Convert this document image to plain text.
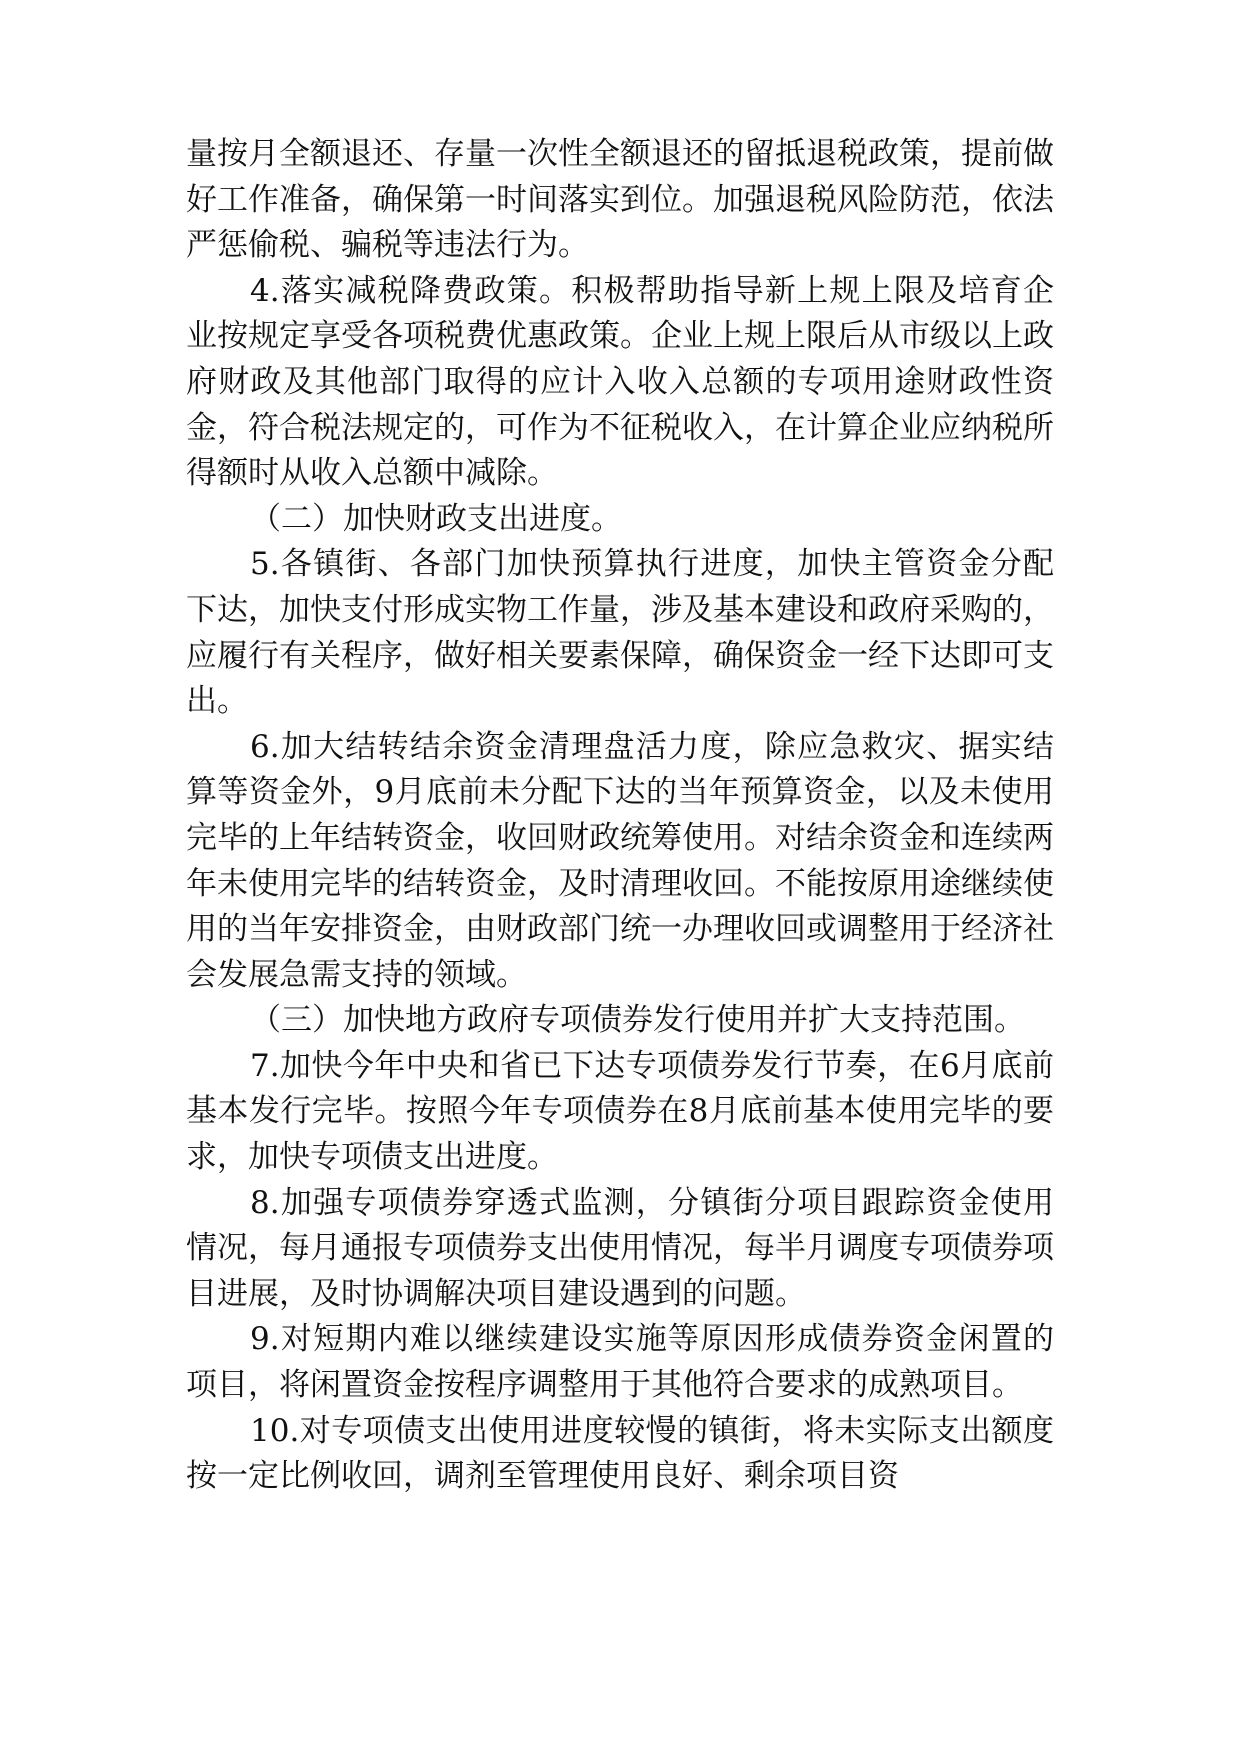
量按月全额退还、存量一次性全额退还的留抵退税政策，提前做好工作准备，确保第一时间落实到位。加强退税风险防范，依法严惩偷税、骗税等违法行为。

4.落实减税降费政策。积极帮助指导新上规上限及培育企业按规定享受各项税费优惠政策。企业上规上限后从市级以上政府财政及其他部门取得的应计入收入总额的专项用途财政性资金，符合税法规定的，可作为不征税收入，在计算企业应纳税所得额时从收入总额中减除。

（二）加快财政支出进度。

5.各镇街、各部门加快预算执行进度，加快主管资金分配下达，加快支付形成实物工作量，涉及基本建设和政府采购的，应履行有关程序，做好相关要素保障，确保资金一经下达即可支出。

6.加大结转结余资金清理盘活力度，除应急救灾、据实结算等资金外，9月底前未分配下达的当年预算资金，以及未使用完毕的上年结转资金，收回财政统筹使用。对结余资金和连续两年未使用完毕的结转资金，及时清理收回。不能按原用途继续使用的当年安排资金，由财政部门统一办理收回或调整用于经济社会发展急需支持的领域。

（三）加快地方政府专项债券发行使用并扩大支持范围。

7.加快今年中央和省已下达专项债券发行节奏，在6月底前基本发行完毕。按照今年专项债券在8月底前基本使用完毕的要求，加快专项债支出进度。

8.加强专项债券穿透式监测，分镇街分项目跟踪资金使用情况，每月通报专项债券支出使用情况，每半月调度专项债券项目进展，及时协调解决项目建设遇到的问题。

9.对短期内难以继续建设实施等原因形成债券资金闲置的项目，将闲置资金按程序调整用于其他符合要求的成熟项目。

10.对专项债支出使用进度较慢的镇街，将未实际支出额度按一定比例收回，调剂至管理使用良好、剩余项目资
